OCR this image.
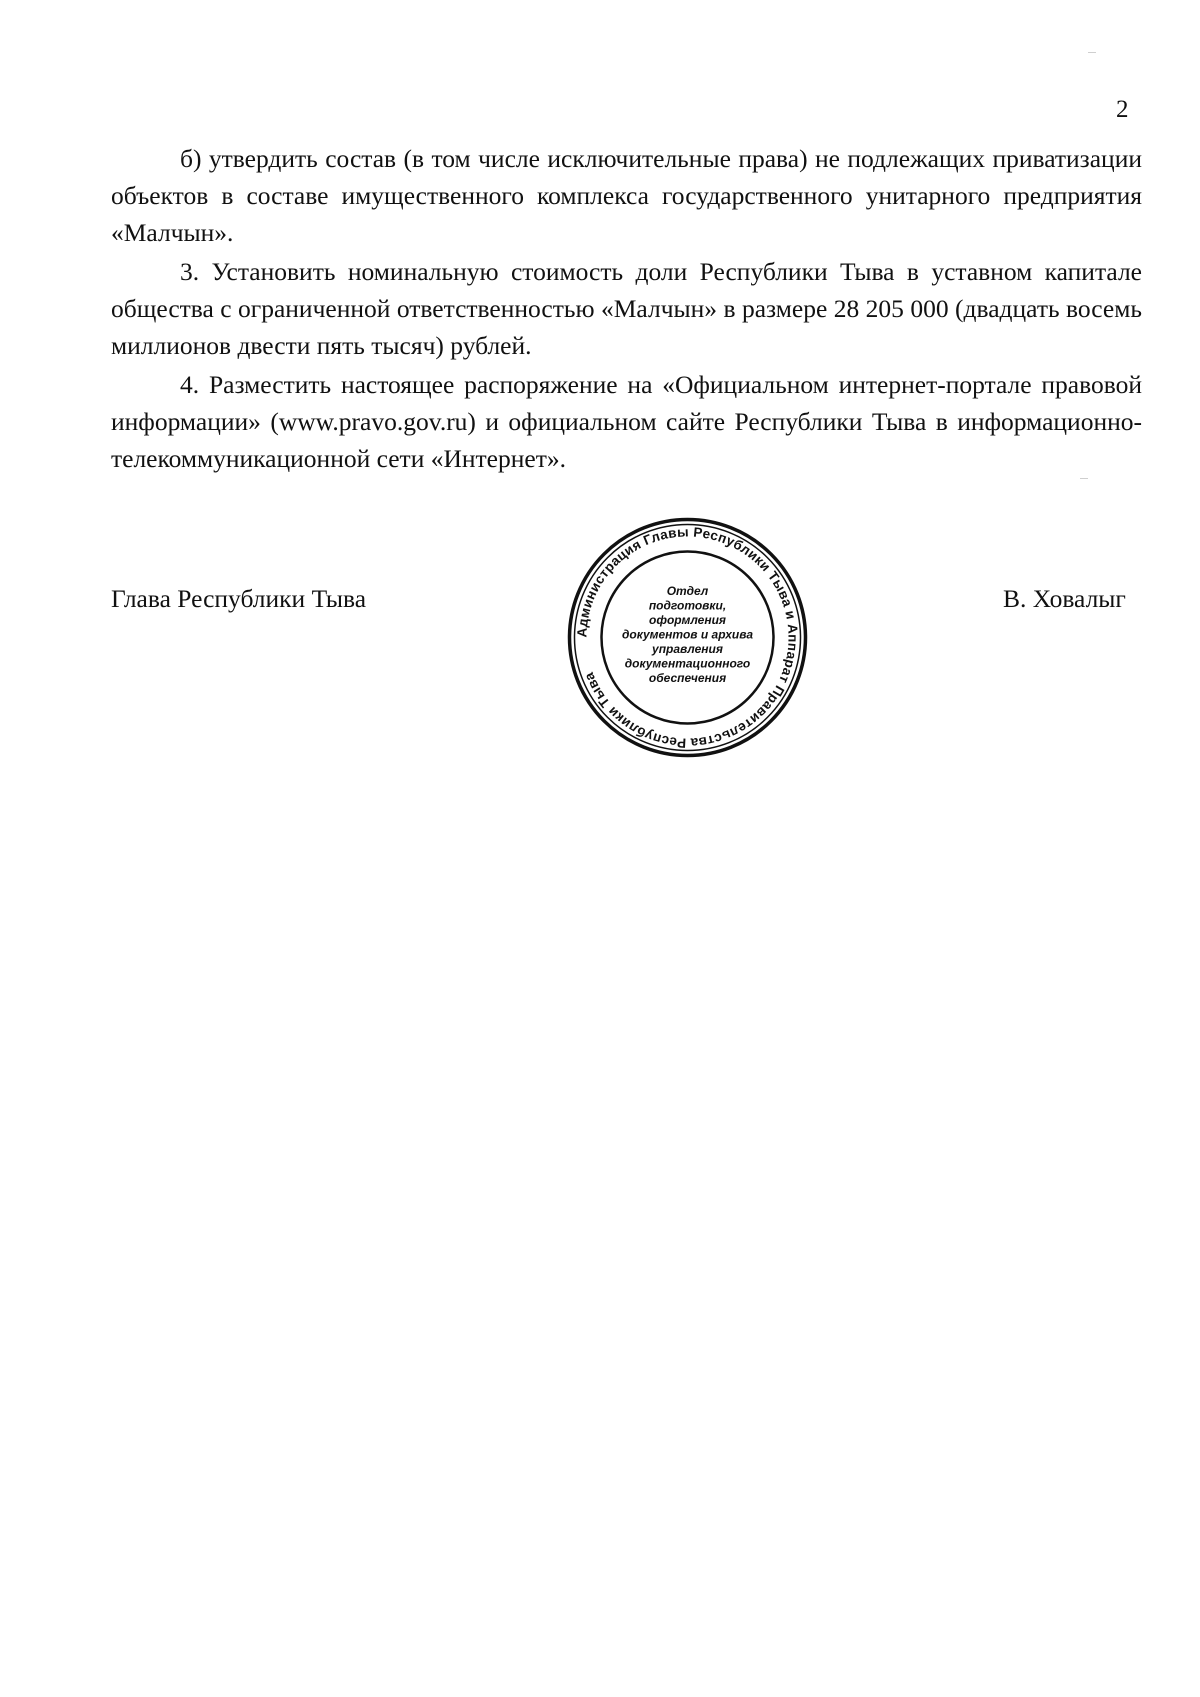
2

б) утвердить состав (в том числе исключительные права) не подлежащих приватизации объектов в составе имущественного комплекса государственного унитарного предприятия «Малчын».

3. Установить номинальную стоимость доли Республики Тыва в уставном капитале общества с ограниченной ответственностью «Малчын» в размере 28 205 000 (двадцать восемь миллионов двести пять тысяч) рублей.

4. Разместить настоящее распоряжение на «Официальном интернет-портале правовой информации» (www.pravo.gov.ru) и официальном сайте Республики Тыва в информационно-телекоммуникационной сети «Интернет».

Глава Республики Тыва
Администрация Главы Республики Тыва и Аппарат Правительства Республики Тыва
Отдел
подготовки,
оформления
документов и архива
управления
документационного
обеспечения
В. Ховалыг
